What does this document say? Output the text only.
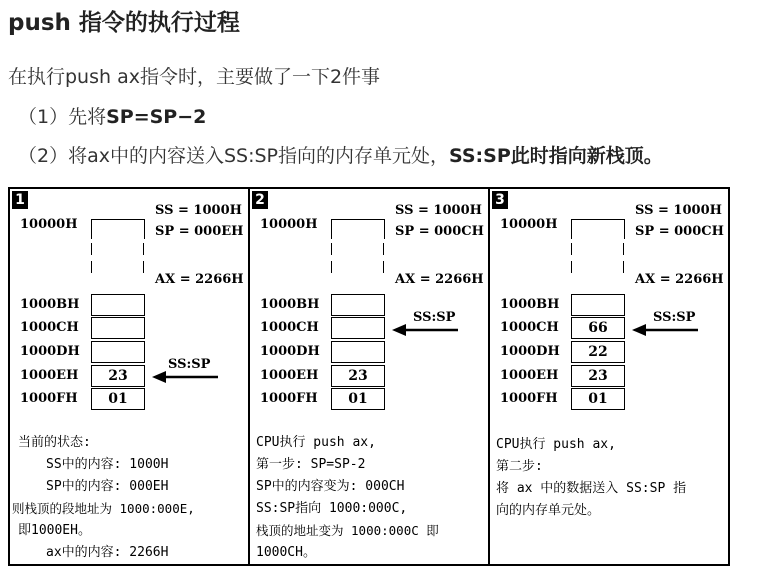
push 指令的执行过程
在执行push ax指令时，主要做了一下2件事
（1）先将SP=SP−2
（2）将ax中的内容送入SS:SP指向的内存单元处，SS:SP此时指向新栈顶。
1
10000H
SS = 1000H
SP = 000EH
AX = 2266H
1000BH
1000CH
1000DH
1000EH
1000FH
23
01
SS:SP
当前的状态:
SS中的内容: 1000H
SP中的内容: 000EH
则栈顶的段地址为 1000:000E,
即1000EH。
ax中的内容: 2266H
2
10000H
SS = 1000H
SP = 000CH
AX = 2266H
1000BH
1000CH
1000DH
1000EH
1000FH
23
01
SS:SP
CPU执行 push ax,
第一步: SP=SP-2
SP中的内容变为: 000CH
SS:SP指向 1000:000C,
栈顶的地址变为 1000:000C 即
1000CH。
3
10000H
SS = 1000H
SP = 000CH
AX = 2266H
1000BH
1000CH
1000DH
1000EH
1000FH
66
22
23
01
SS:SP
CPU执行 push ax,
第二步:
将 ax 中的数据送入 SS:SP 指
向的内存单元处。
